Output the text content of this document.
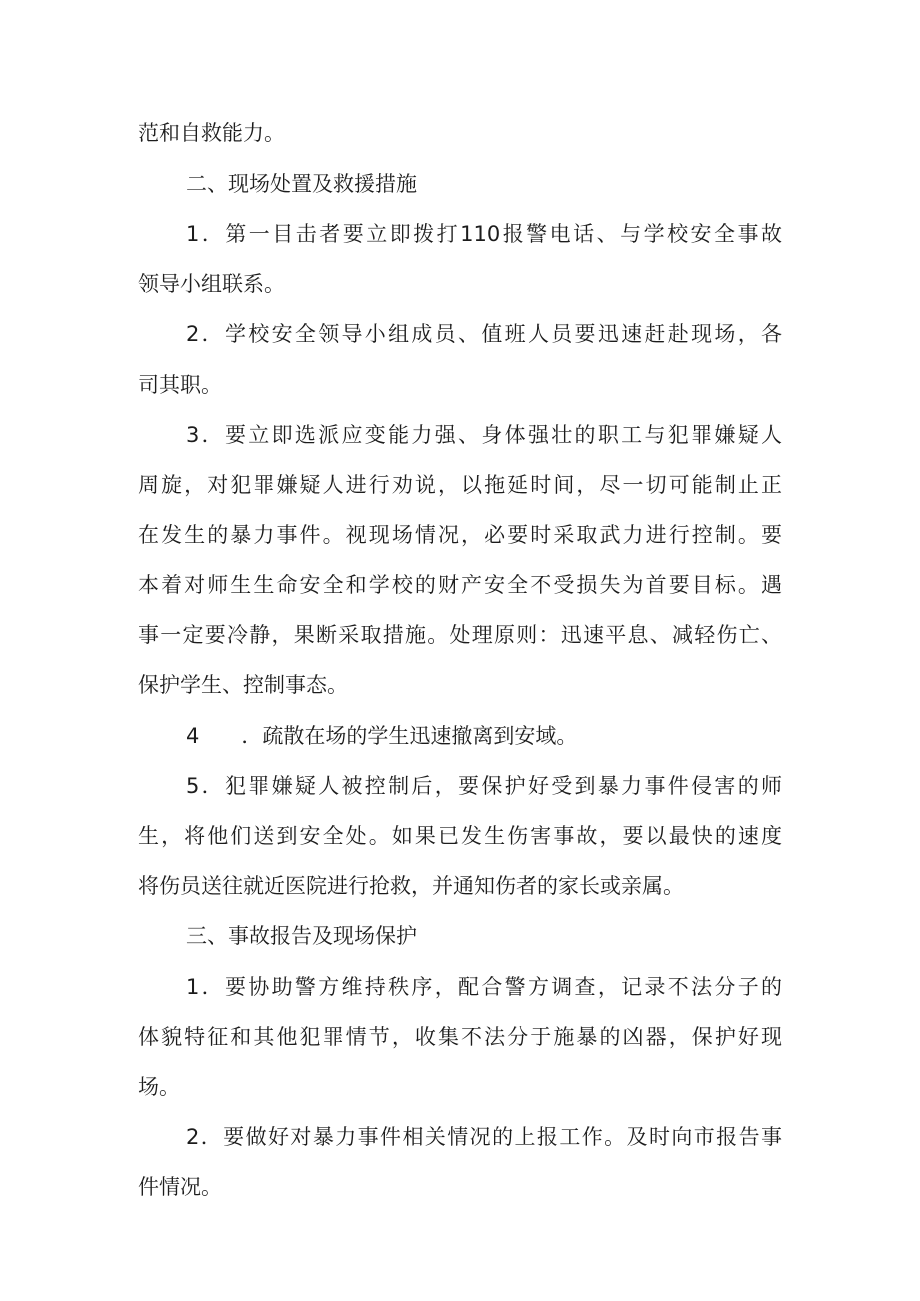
范和自救能力。
二、现场处置及救援措施
1．第一目击者要立即拨打110报警电话、与学校安全事故
领导小组联系。
2．学校安全领导小组成员、值班人员要迅速赶赴现场，各
司其职。
3．要立即选派应变能力强、身体强壮的职工与犯罪嫌疑人
周旋，对犯罪嫌疑人进行劝说，以拖延时间，尽一切可能制止正
在发生的暴力事件。视现场情况，必要时采取武力进行控制。要
本着对师生生命安全和学校的财产安全不受损失为首要目标。遇
事一定要冷静，果断采取措施。处理原则：迅速平息、减轻伤亡、
保护学生、控制事态。
4　　．疏散在场的学生迅速撤离到安域。
5．犯罪嫌疑人被控制后，要保护好受到暴力事件侵害的师
生，将他们送到安全处。如果已发生伤害事故，要以最快的速度
将伤员送往就近医院进行抢救，并通知伤者的家长或亲属。
三、事故报告及现场保护
1．要协助警方维持秩序，配合警方调查，记录不法分子的
体貌特征和其他犯罪情节，收集不法分于施暴的凶器，保护好现
场。
2．要做好对暴力事件相关情况的上报工作。及时向市报告事
件情况。
